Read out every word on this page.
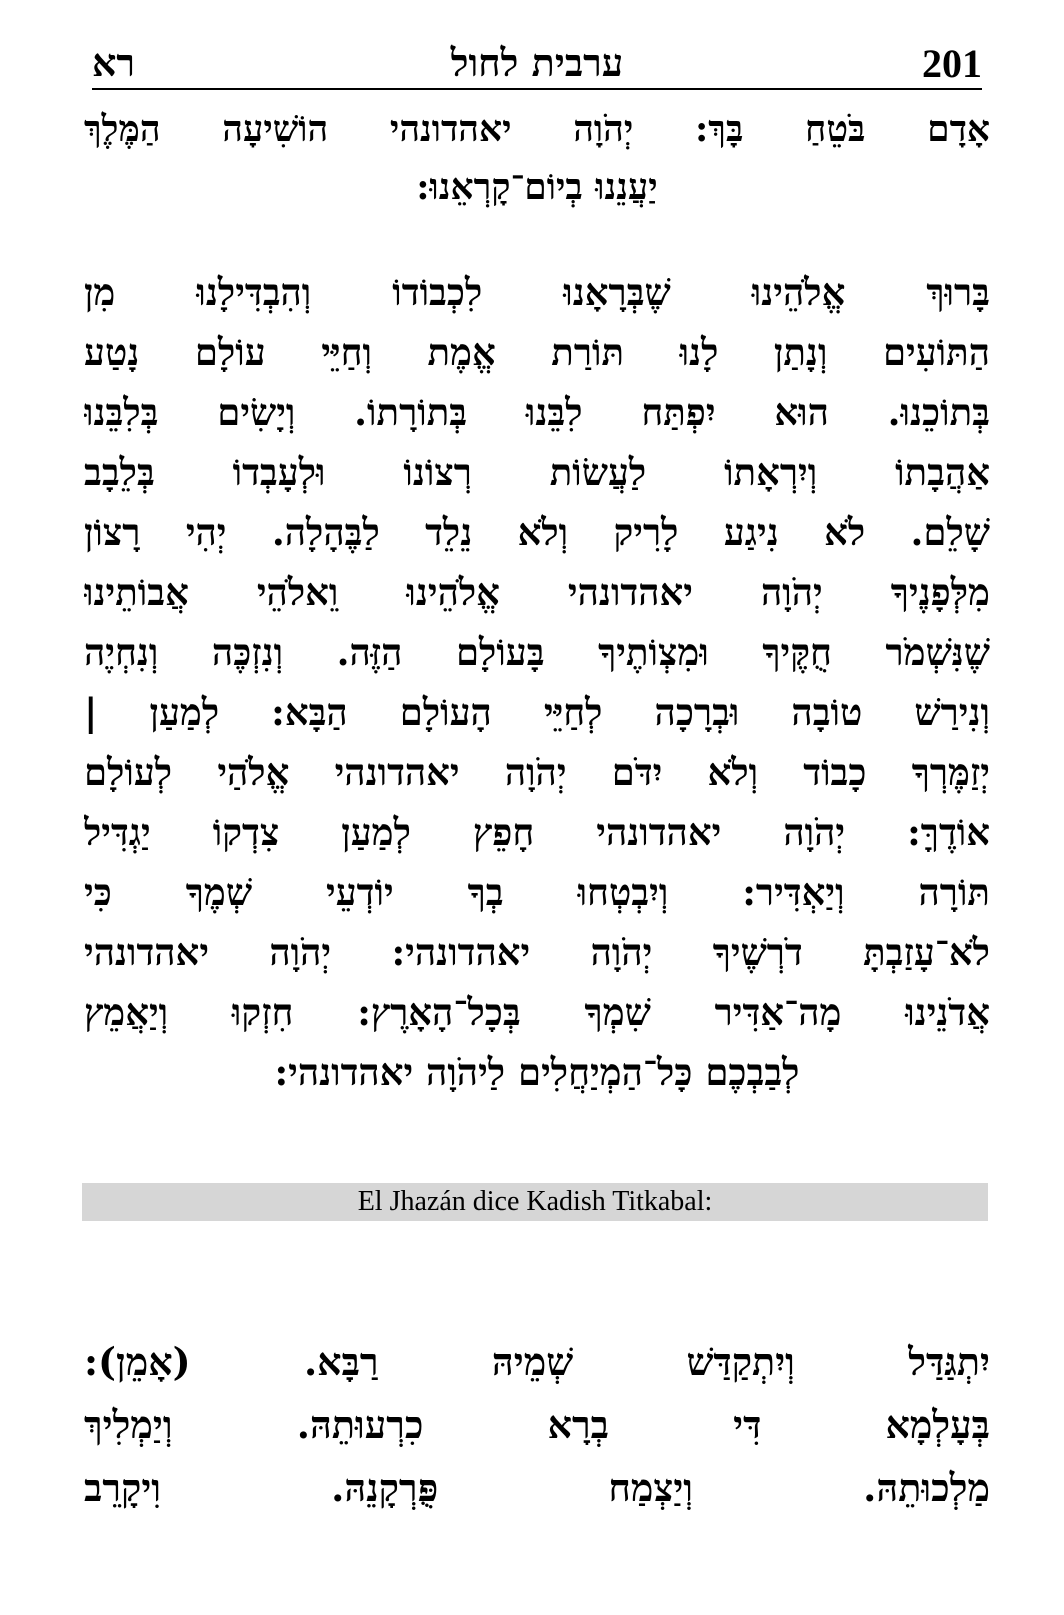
רא	ערבית לחול	201
אָדָם בֹּטֵחַ בָּךְ: יְהֹוָה יאהדונהי הוֹשִׁיעָה הַמֶּלֶךְ
יַעֲנֵנוּ בְיוֹם־קָרְאֵנוּ:
בָּרוּךְ אֱלֹהֵינוּ שֶׁבְּרָאָנוּ לִכְבוֹדוֹ וְהִבְדִּילָנוּ מִן
הַתּוֹעִים וְנָתַן לָנוּ תּוֹרַת אֱמֶת וְחַיֵּי עוֹלָם נָטַע
בְּתוֹכֵנוּ. הוּא יִפְתַּח לִבֵּנוּ בְּתוֹרָתוֹ. וְיָשִׂים בְּלִבֵּנוּ
אַהֲבָתוֹ וְיִרְאָתוֹ לַעֲשׂוֹת רְצוֹנוֹ וּלְעָבְדוֹ בְּלֵבָב
שָׁלֵם. לֹא נִיגַע לָרִיק וְלֹא נֵלֵד לַבֶּהָלָה. יְהִי רָצוֹן
מִלְּפָנֶיךָ יְהֹוָה יאהדונהי אֱלֹהֵינוּ וֵאלֹהֵי אֲבוֹתֵינוּ
שֶׁנִּשְׁמֹר חֻקֶּיךָ וּמִצְוֹתֶיךָ בָּעוֹלָם הַזֶּה. וְנִזְכֶּה וְנִחְיֶה
וְנִירַשׁ טוֹבָה וּבְרָכָה לְחַיֵּי הָעוֹלָם הַבָּא: לְמַעַן |
יְזַמֶּרְךָ כָבוֹד וְלֹא יִדֹּם יְהֹוָה יאהדונהי אֱלֹהַי לְעוֹלָם
אוֹדֶךָּ: יְהֹוָה יאהדונהי חָפֵץ לְמַעַן צִדְקוֹ יַגְדִּיל
תּוֹרָה וְיַאְדִּיר: וְיִבְטְחוּ בְךָ יוֹדְעֵי שְׁמֶךָ כִּי
לֹא־עָזַבְתָּ דֹרְשֶׁיךָ יְהֹוָה יאהדונהי: יְהֹוָה יאהדונהי
אֲדֹנֵינוּ מָה־אַדִּיר שִׁמְךָ בְּכָל־הָאָרֶץ: חִזְקוּ וְיַאֲמֵץ
לְבַבְכֶם כָּל־הַמְיַחֲלִים לַיהֹוָה יאהדונהי:
El Jhazán dice Kadish Titkabal:
יִתְגַּדַּל וְיִתְקַדַּשׁ שְׁמֵיהּ רַבָּא. (אָמֵן):
בְּעָלְמָא דִּי בְרָא כִרְעוּתֵהּ. וְיַמְלִיךְ
מַלְכוּתֵהּ. וְיַצְמַח פֻּרְקָנֵהּ. וִיקָרֵב
